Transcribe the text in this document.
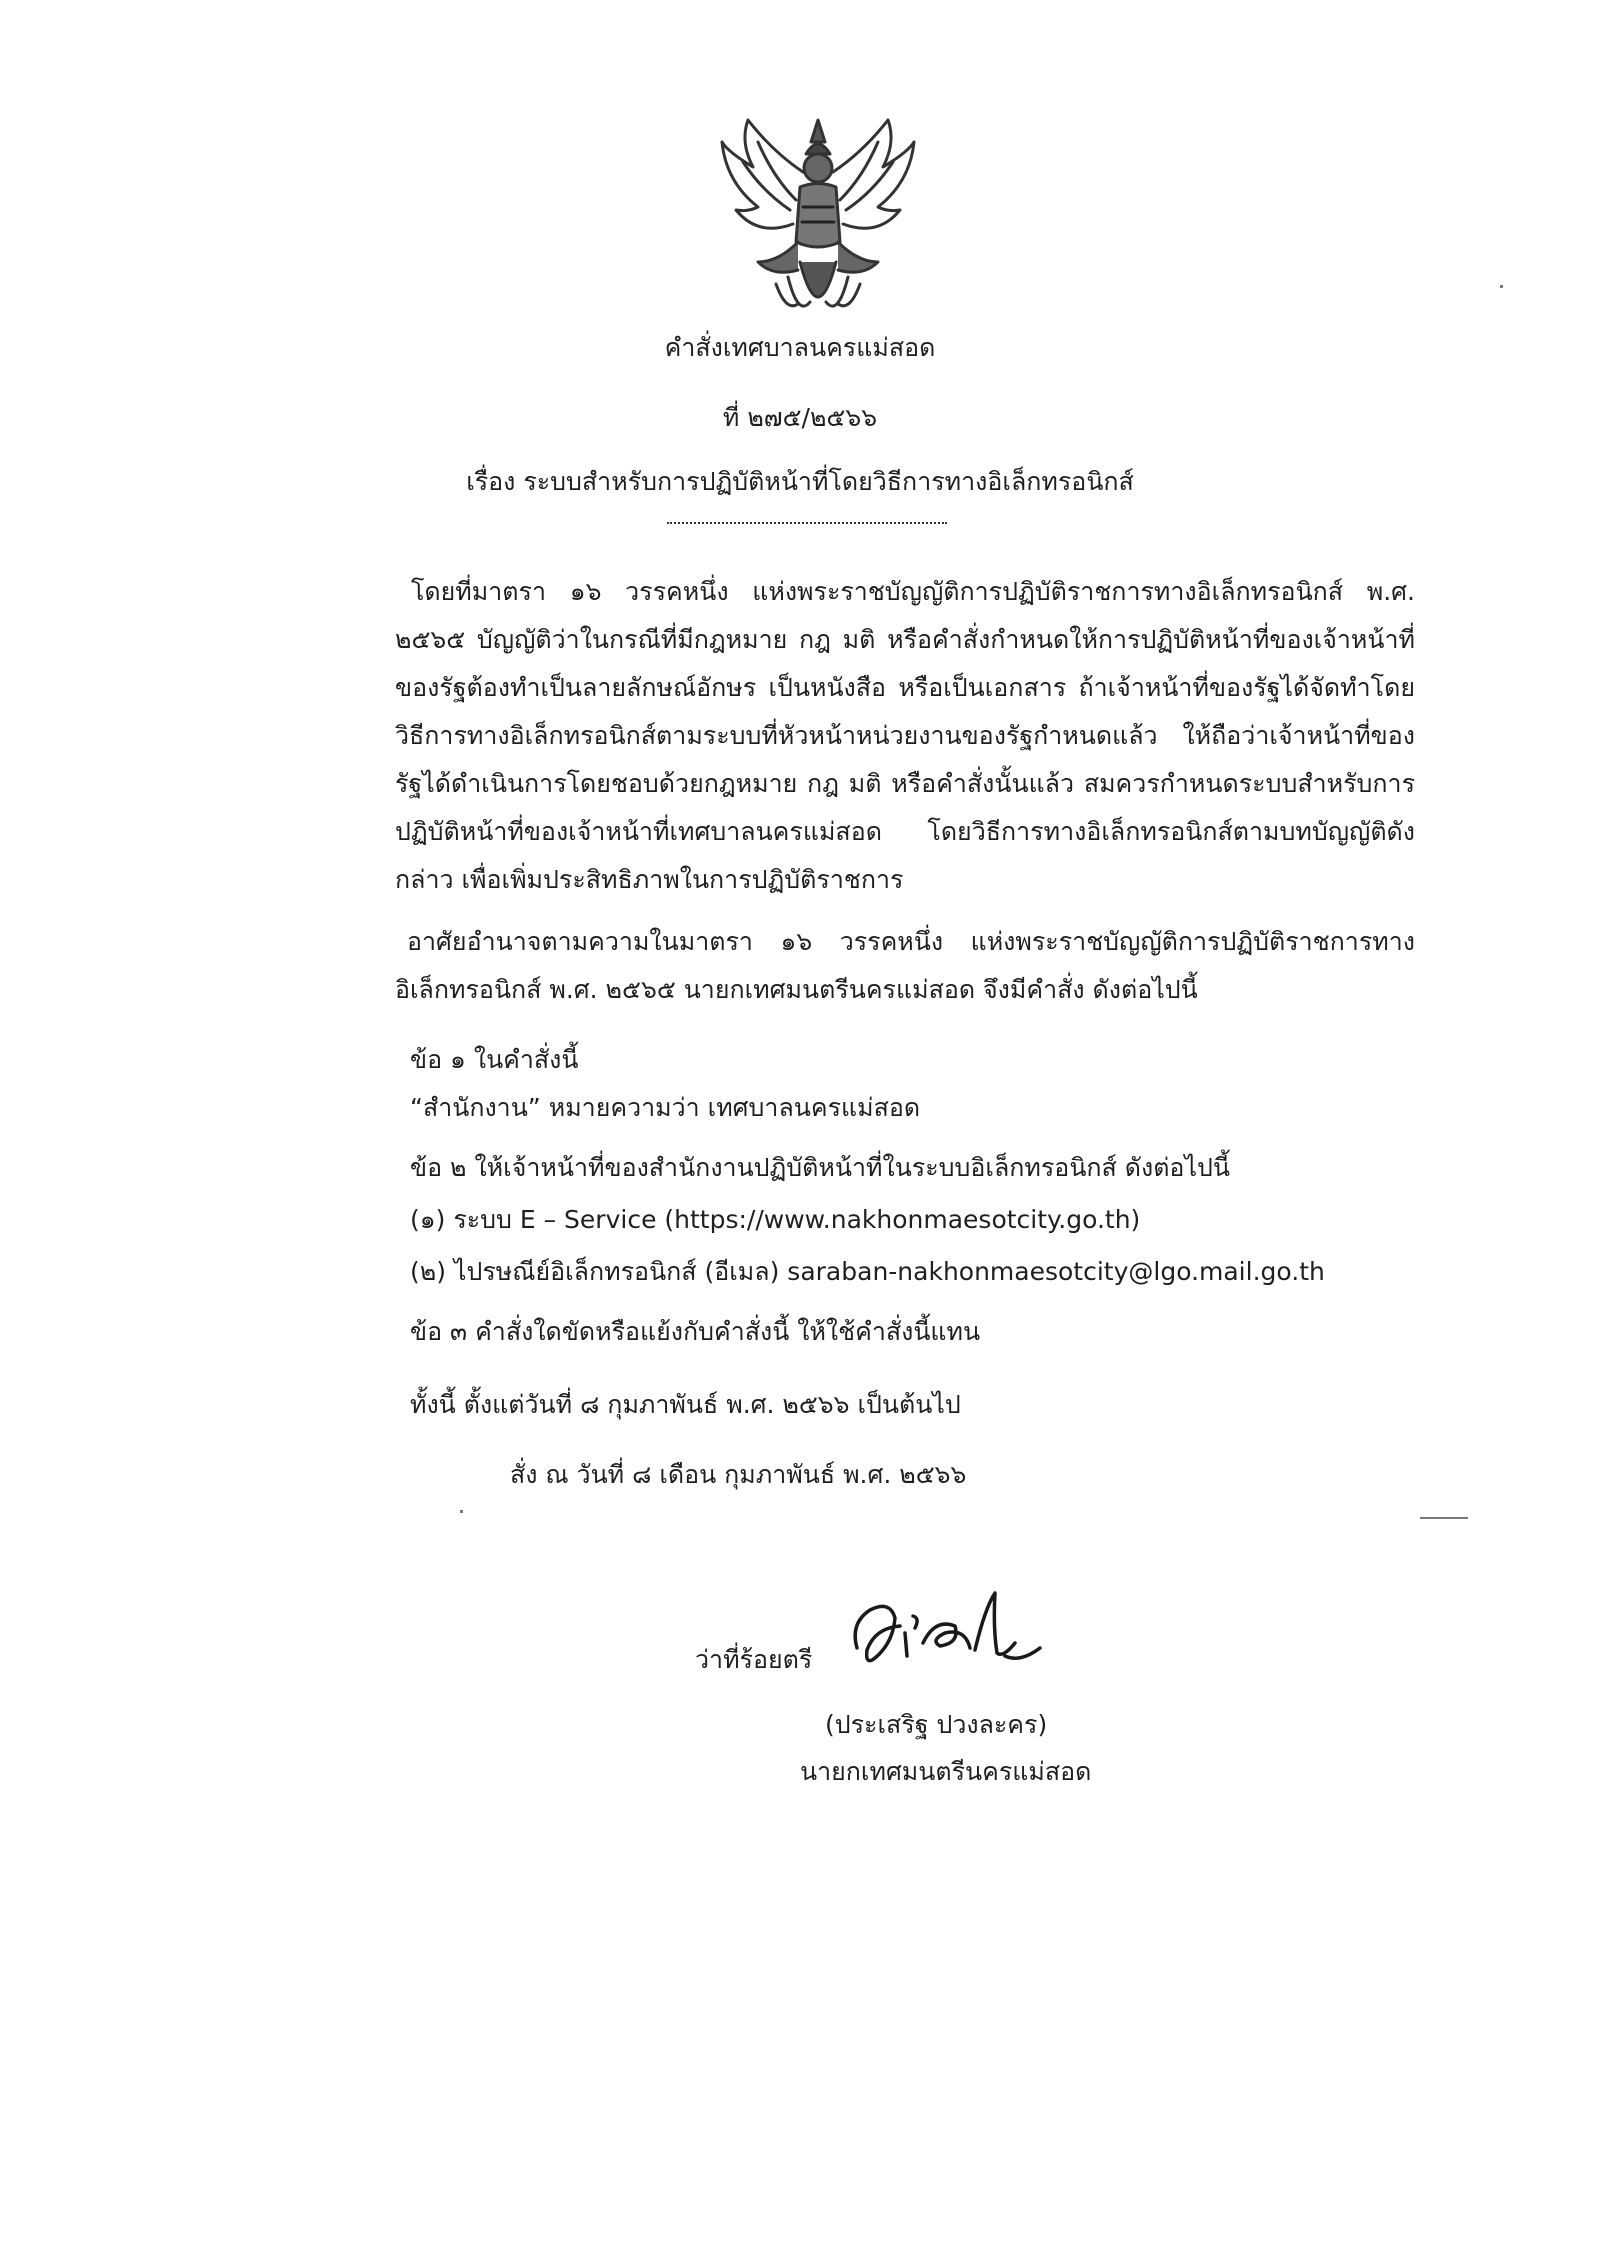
คำสั่งเทศบาลนครแม่สอด
ที่ ๒๗๕/๒๕๖๖
เรื่อง ระบบสำหรับการปฏิบัติหน้าที่โดยวิธีการทางอิเล็กทรอนิกส์
โดยที่มาตรา ๑๖ วรรคหนึ่ง แห่งพระราชบัญญัติการปฏิบัติราชการทางอิเล็กทรอนิกส์ พ.ศ. ๒๕๖๕ บัญญัติว่าในกรณีที่มีกฎหมาย กฎ มติ หรือคำสั่งกำหนดให้การปฏิบัติหน้าที่ของเจ้าหน้าที่ของรัฐต้องทำเป็นลายลักษณ์อักษร เป็นหนังสือ หรือเป็นเอกสาร ถ้าเจ้าหน้าที่ของรัฐได้จัดทำโดยวิธีการทางอิเล็กทรอนิกส์ตามระบบที่หัวหน้าหน่วยงานของรัฐกำหนดแล้ว ให้ถือว่าเจ้าหน้าที่ของรัฐได้ดำเนินการโดยชอบด้วยกฎหมาย กฎ มติ หรือคำสั่งนั้นแล้ว สมควรกำหนดระบบสำหรับการปฏิบัติหน้าที่ของเจ้าหน้าที่เทศบาลนครแม่สอด โดยวิธีการทางอิเล็กทรอนิกส์ตามบทบัญญัติดังกล่าว เพื่อเพิ่มประสิทธิภาพในการปฏิบัติราชการ
อาศัยอำนาจตามความในมาตรา ๑๖ วรรคหนึ่ง แห่งพระราชบัญญัติการปฏิบัติราชการทางอิเล็กทรอนิกส์ พ.ศ. ๒๕๖๕ นายกเทศมนตรีนครแม่สอด จึงมีคำสั่ง ดังต่อไปนี้
ข้อ ๑ ในคำสั่งนี้
“สำนักงาน” หมายความว่า เทศบาลนครแม่สอด
ข้อ ๒ ให้เจ้าหน้าที่ของสำนักงานปฏิบัติหน้าที่ในระบบอิเล็กทรอนิกส์ ดังต่อไปนี้
(๑) ระบบ E – Service (https://www.nakhonmaesotcity.go.th)
(๒) ไปรษณีย์อิเล็กทรอนิกส์ (อีเมล) saraban-nakhonmaesotcity@lgo.mail.go.th
ข้อ ๓ คำสั่งใดขัดหรือแย้งกับคำสั่งนี้ ให้ใช้คำสั่งนี้แทน
ทั้งนี้ ตั้งแต่วันที่ ๘ กุมภาพันธ์ พ.ศ. ๒๕๖๖ เป็นต้นไป
สั่ง ณ วันที่ ๘ เดือน กุมภาพันธ์ พ.ศ. ๒๕๖๖
ว่าที่ร้อยตรี
(ประเสริฐ ปวงละคร)
นายกเทศมนตรีนครแม่สอด
